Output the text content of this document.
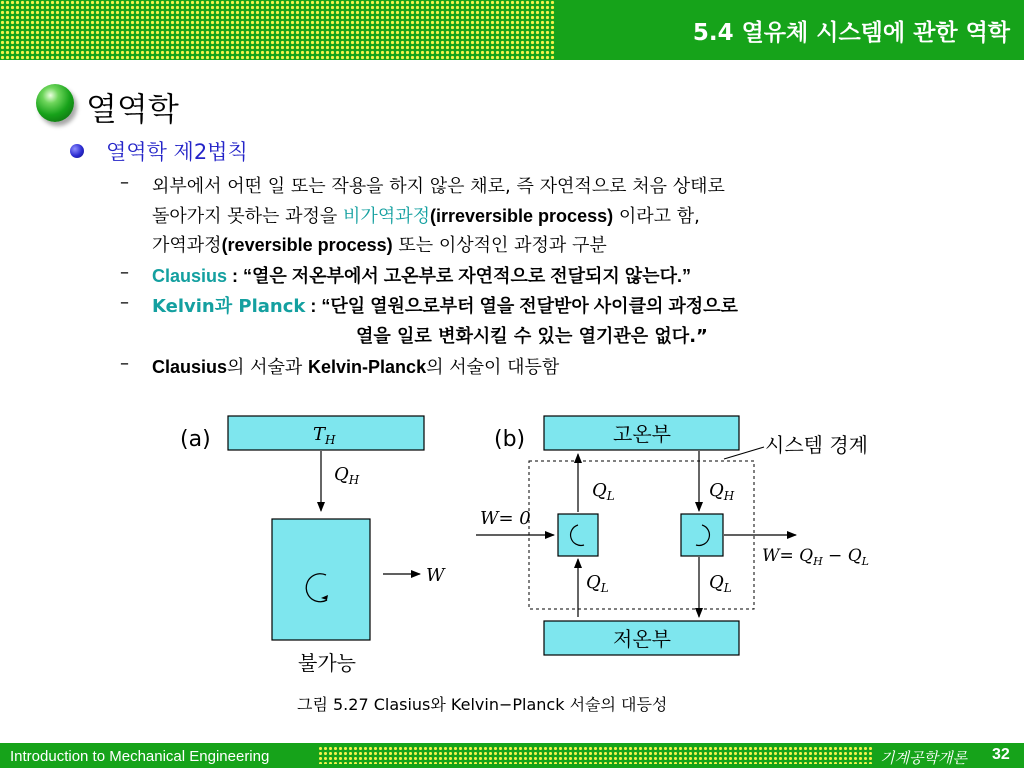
5.4 열유체 시스템에 관한 역학
열역학
열역학 제2법칙
– 외부에서 어떤 일 또는 작용을 하지 않은 채로, 즉 자연적으로 처음 상태로
돌아가지 못하는 과정을 비가역과정(irreversible process) 이라고 함,
가역과정(reversible process) 또는 이상적인 과정과 구분
– Clausius : “열은 저온부에서 고온부로 자연적으로 전달되지 않는다.”
– Kelvin과 Planck : “단일 열원으로부터 열을 전달받아 사이클의 과정으로
열을 일로 변화시킬 수 있는 열기관은 없다.”
– Clausius의 서술과 Kelvin-Planck의 서술이 대등함
(a)	$T_H$
$Q_H$
W
불가능
(b)	고온부
저온부
시스템 경계
$Q_L$	$Q_H$
$Q_L$	$Q_L$
W= 0
$W= Q_H - Q_L$
그림 5.27 Clasius와 Kelvin−Planck 서술의 대등성
Introduction to Mechanical Engineering	기계공학개론 32
